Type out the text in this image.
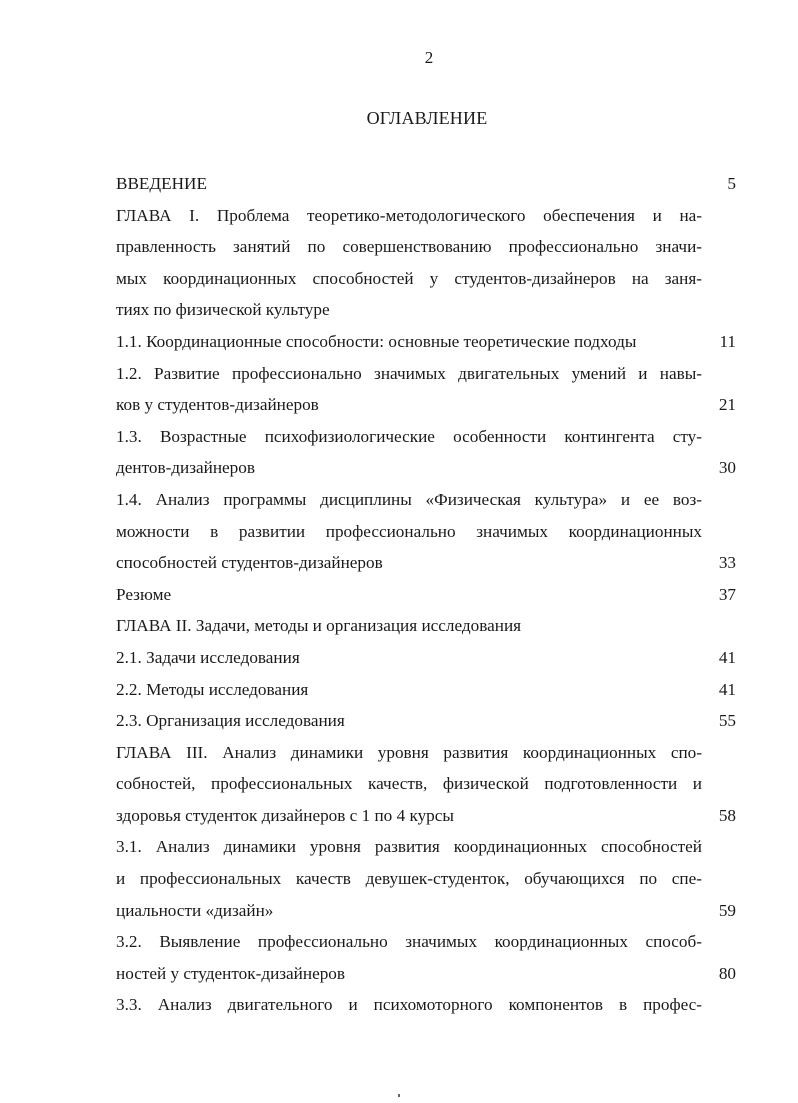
2
ОГЛАВЛЕНИЕ
ВВЕДЕНИЕ	5
ГЛАВА I. Проблема теоретико-методологического обеспечения и на-
правленность занятий по совершенствованию профессионально значи-
мых координационных способностей у студентов-дизайнеров на заня-
тиях по физической культуре
1.1. Координационные способности: основные теоретические подходы	11
1.2. Развитие профессионально значимых двигательных умений и навы-
ков у студентов-дизайнеров	21
1.3. Возрастные психофизиологические особенности контингента сту-
дентов-дизайнеров	30
1.4. Анализ программы дисциплины «Физическая культура» и ее воз-
можности в развитии профессионально значимых координационных
способностей студентов-дизайнеров	33
Резюме	37
ГЛАВА II. Задачи, методы и организация исследования
2.1. Задачи исследования	41
2.2. Методы исследования	41
2.3. Организация исследования	55
ГЛАВА III. Анализ динамики уровня развития координационных спо-
собностей, профессиональных качеств, физической подготовленности и
здоровья студенток дизайнеров с 1 по 4 курсы	58
3.1. Анализ динамики уровня развития координационных способностей
и профессиональных качеств девушек-студенток, обучающихся по спе-
циальности «дизайн»	59
3.2. Выявление профессионально значимых координационных способ-
ностей у студенток-дизайнеров	80
3.3. Анализ двигательного и психомоторного компонентов в профес-
